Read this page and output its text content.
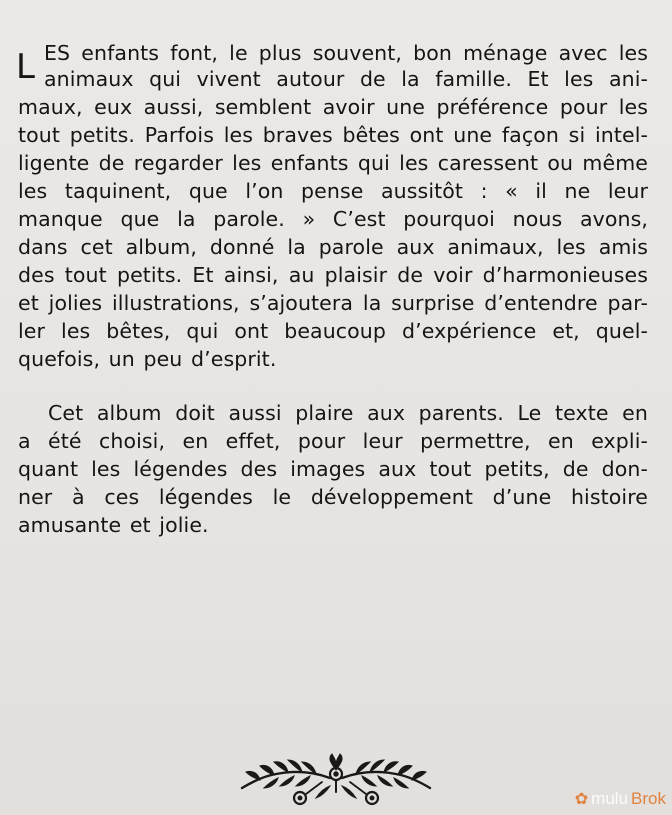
L ES enfants font, le plus souvent, bon ménage avec les
animaux qui vivent autour de la famille. Et les ani-
maux, eux aussi, semblent avoir une préférence pour les
tout petits. Parfois les braves bêtes ont une façon si intel-
ligente de regarder les enfants qui les caressent ou même
les taquinent, que l’on pense aussitôt : « il ne leur
manque que la parole. » C’est pourquoi nous avons,
dans cet album, donné la parole aux animaux, les amis
des tout petits. Et ainsi, au plaisir de voir d’harmonieuses
et jolies illustrations, s’ajoutera la surprise d’entendre par-
ler les bêtes, qui ont beaucoup d’expérience et, quel-
quefois, un peu d’esprit.
Cet album doit aussi plaire aux parents. Le texte en
a été choisi, en effet, pour leur permettre, en expli-
quant les légendes des images aux tout petits, de don-
ner à ces légendes le développement d’une histoire
amusante et jolie.
✿ mulu Brok
